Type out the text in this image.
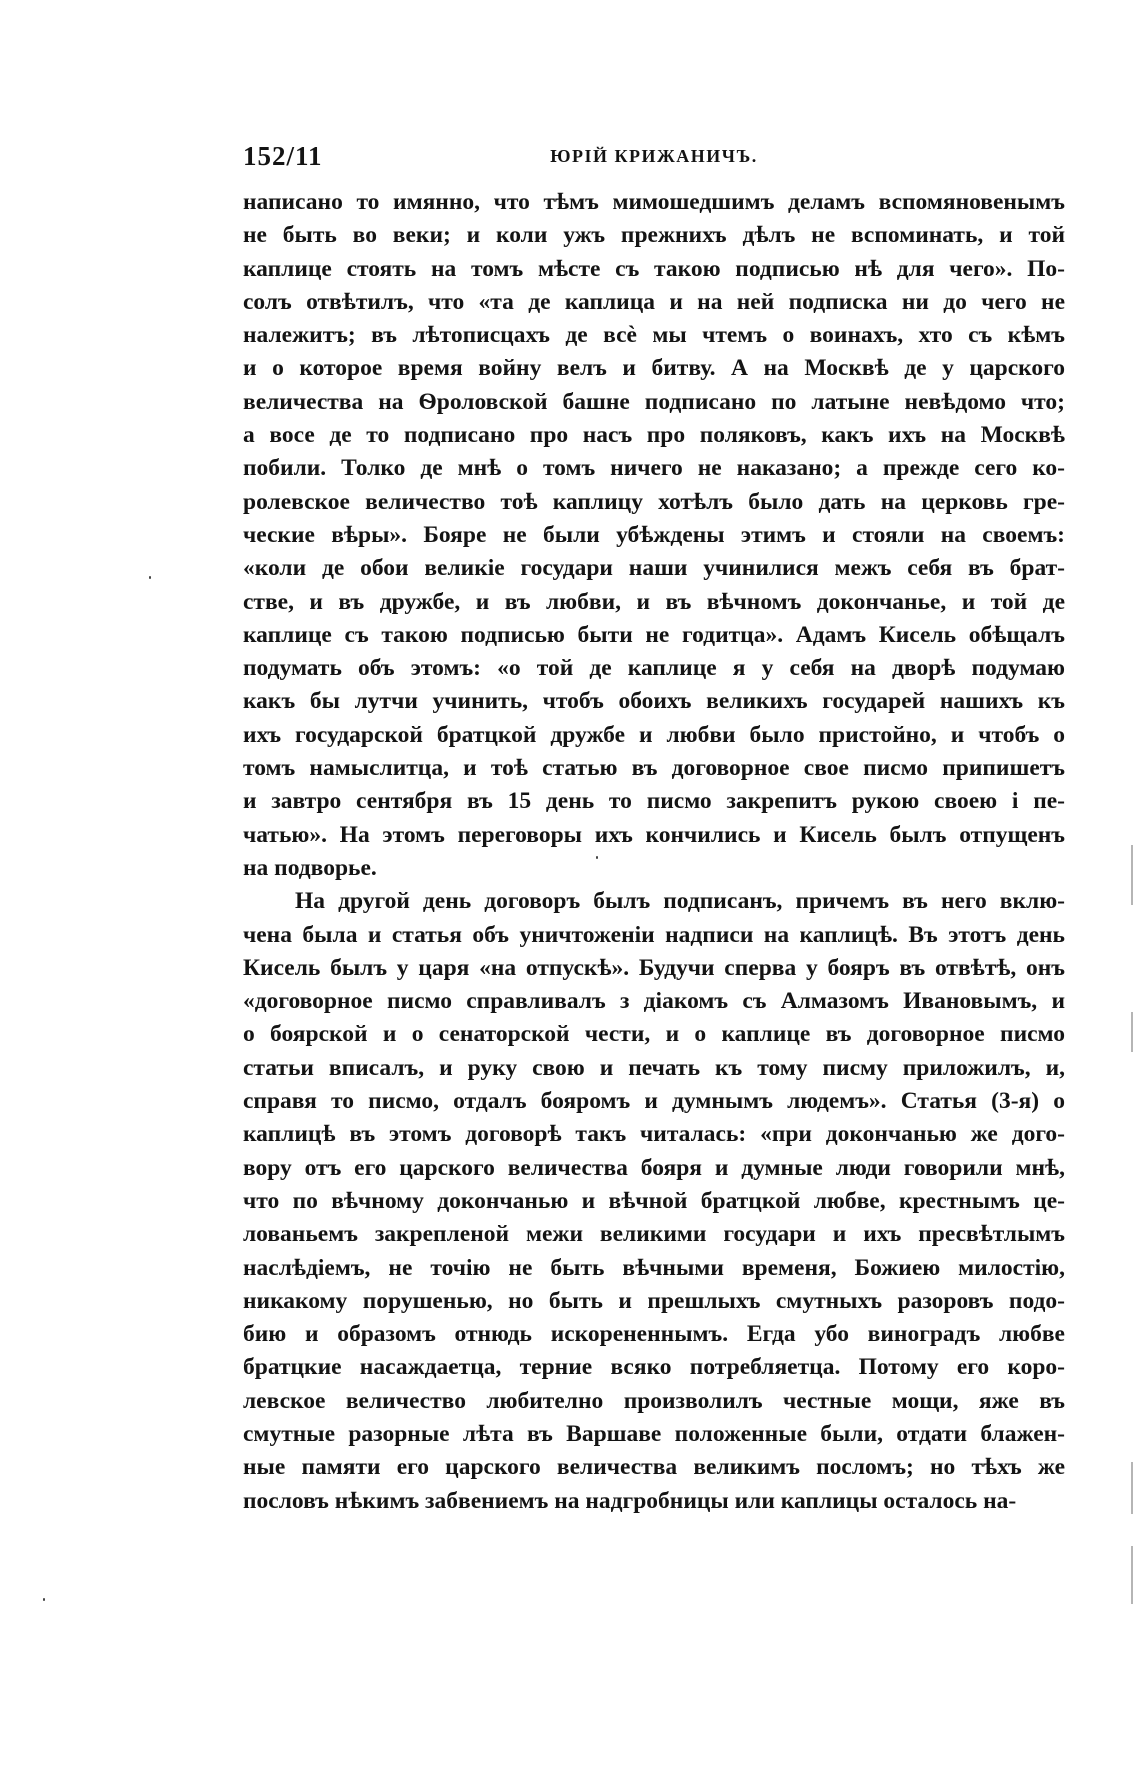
152/11	ЮРІЙ КРИЖАНИЧЪ.
написано то имянно, что тѣмъ мимошедшимъ деламъ вспомяновенымъ
не быть во веки; и коли ужъ прежнихъ дѣлъ не вспоминать, и той
каплице стоять на томъ мѣсте съ такою подписью нѣ для чего». По-
солъ отвѣтилъ, что «та де каплица и на ней подписка ни до чего не
належитъ; въ лѣтописцахъ де всѐ мы чтемъ о воинахъ, хто съ кѣмъ
и о которое время войну велъ и битву. А на Москвѣ де у царского
величества на Ѳроловской башне подписано по латыне невѣдомо что;
а восе де то подписано про насъ про поляковъ, какъ ихъ на Москвѣ
побили. Толко де мнѣ о томъ ничего не наказано; а прежде сего ко-
ролевское величество тоѣ каплицу хотѣлъ было дать на церковь гре-
ческие вѣры». Бояре не были убѣждены этимъ и стояли на своемъ:
«коли де обои великіе государи наши учинилися межъ себя въ брат-
стве, и въ дружбе, и въ любви, и въ вѣчномъ докончанье, и той де
каплице съ такою подписью быти не годитца». Адамъ Кисель обѣщалъ
подумать объ этомъ: «о той де каплице я у себя на дворѣ подумаю
какъ бы лутчи учинить, чтобъ обоихъ великихъ государей нашихъ къ
ихъ государской братцкой дружбе и любви было пристойно, и чтобъ о
томъ намыслитца, и тоѣ статью въ договорное свое писмо припишетъ
и завтро сентября въ 15 день то писмо закрепитъ рукою своею і пе-
чатью». На этомъ переговоры ихъ кончились и Кисель былъ отпущенъ
на подворье.
На другой день договоръ былъ подписанъ, причемъ въ него вклю-
чена была и статья объ уничтоженіи надписи на каплицѣ. Въ этотъ день
Кисель былъ у царя «на отпускѣ». Будучи сперва у бояръ въ отвѣтѣ, онъ
«договорное писмо справливалъ з діакомъ съ Алмазомъ Ивановымъ, и
о боярской и о сенаторской чести, и о каплице въ договорное писмо
статьи вписалъ, и руку свою и печать къ тому писму приложилъ, и,
справя то писмо, отдалъ бояромъ и думнымъ людемъ». Статья (3-я) о
каплицѣ въ этомъ договорѣ такъ читалась: «при докончанью же дого-
вору отъ его царского величества бояря и думные люди говорили мнѣ,
что по вѣчному докончанью и вѣчной братцкой любве, крестнымъ це-
лованьемъ закрепленой межи великими государи и ихъ пресвѣтлымъ
наслѣдіемъ, не точію не быть вѣчными временя, Божиею милостію,
никакому порушенью, но быть и прешлыхъ смутныхъ разоровъ подо-
бию и образомъ отнюдь искорененнымъ. Егда убо виноградъ любве
братцкие насаждаетца, терние всяко потребляетца. Потому его коро-
левское величество любително произволилъ честные мощи, яже въ
смутные разорные лѣта въ Варшаве положенные были, отдати блажен-
ные памяти его царского величества великимъ посломъ; но тѣхъ же
пословъ нѣкимъ забвениемъ на надгробницы или каплицы осталось на-
